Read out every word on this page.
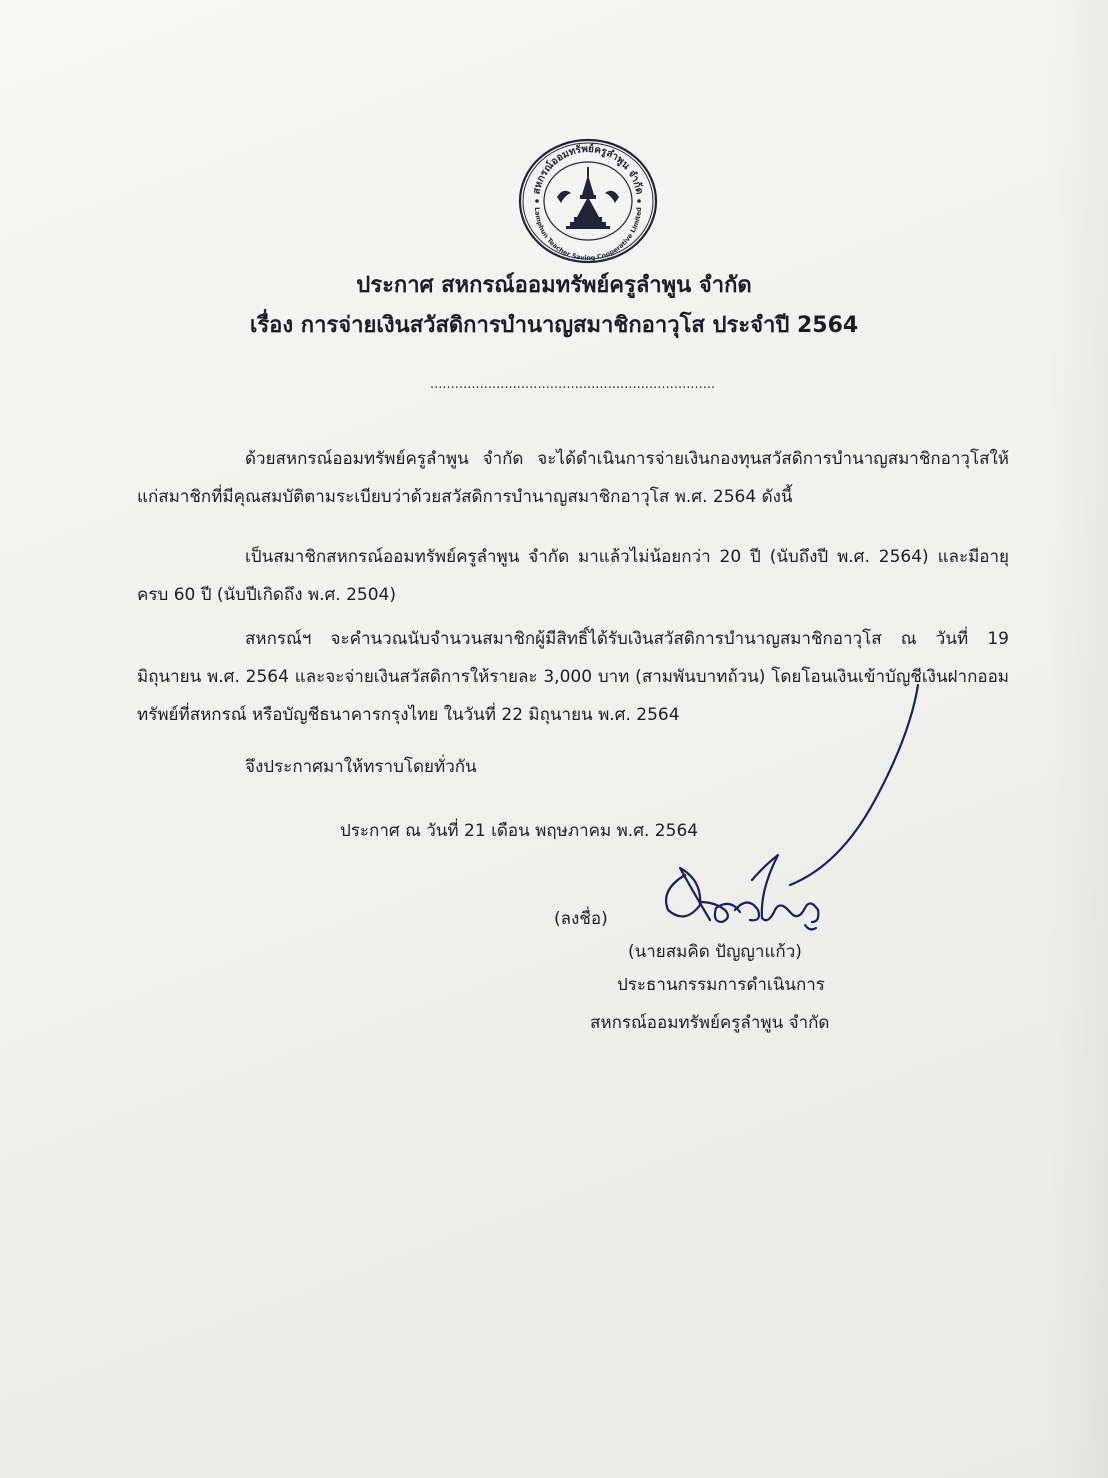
สหกรณ์ออมทรัพย์ครูลำพูน จำกัด
Lamphun Teacher Saving Cooperative Limited
ประกาศ สหกรณ์ออมทรัพย์ครูลำพูน จำกัด
เรื่อง การจ่ายเงินสวัสดิการบำนาญสมาชิกอาวุโส ประจำปี 2564
.....................................................................
ด้วยสหกรณ์ออมทรัพย์ครูลำพูน จำกัด จะได้ดำเนินการจ่ายเงินกองทุนสวัสดิการบำนาญสมาชิกอาวุโสให้แก่สมาชิกที่มีคุณสมบัติตามระเบียบว่าด้วยสวัสดิการบำนาญสมาชิกอาวุโส พ.ศ. 2564 ดังนี้
เป็นสมาชิกสหกรณ์ออมทรัพย์ครูลำพูน จำกัด มาแล้วไม่น้อยกว่า 20 ปี (นับถึงปี พ.ศ. 2564) และมีอายุครบ 60 ปี (นับปีเกิดถึง พ.ศ. 2504)
สหกรณ์ฯ จะคำนวณนับจำนวนสมาชิกผู้มีสิทธิ์ได้รับเงินสวัสดิการบำนาญสมาชิกอาวุโส ณ วันที่ 19 มิถุนายน พ.ศ. 2564 และจะจ่ายเงินสวัสดิการให้รายละ 3,000 บาท (สามพันบาทถ้วน) โดยโอนเงินเข้าบัญชีเงินฝากออมทรัพย์ที่สหกรณ์ หรือบัญชีธนาคารกรุงไทย ในวันที่ 22 มิถุนายน พ.ศ. 2564
จึงประกาศมาให้ทราบโดยทั่วกัน
ประกาศ ณ วันที่ 21 เดือน พฤษภาคม พ.ศ. 2564
(ลงชื่อ)
(นายสมคิด ปัญญาแก้ว)
ประธานกรรมการดำเนินการ
สหกรณ์ออมทรัพย์ครูลำพูน จำกัด
